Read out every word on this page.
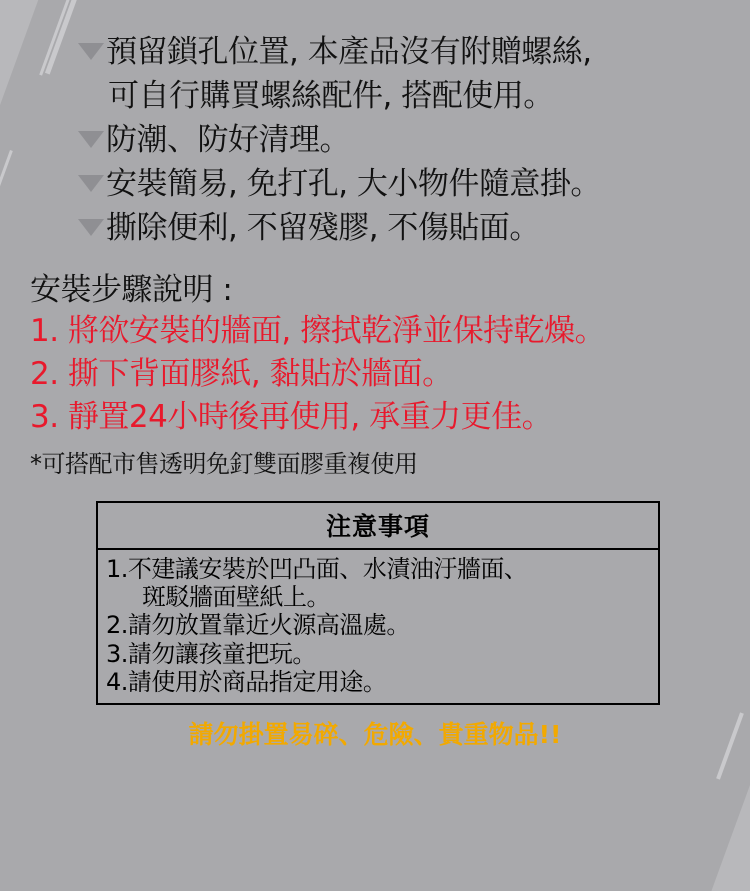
預留鎖孔位置, 本產品沒有附贈螺絲,
可自行購買螺絲配件, 搭配使用。
防潮、防好清理。
安裝簡易, 免打孔, 大小物件隨意掛。
撕除便利, 不留殘膠, 不傷貼面。
安裝步驟說明 :
1. 將欲安裝的牆面, 擦拭乾淨並保持乾燥。
2. 撕下背面膠紙, 黏貼於牆面。
3. 靜置24小時後再使用, 承重力更佳。
*可搭配市售透明免釘雙面膠重複使用
注意事項
1.不建議安裝於凹凸面、水漬油汙牆面、
斑駁牆面壁紙上。
2.請勿放置靠近火源高溫處。
3.請勿讓孩童把玩。
4.請使用於商品指定用途。
請勿掛置易碎、危險、貴重物品!!
